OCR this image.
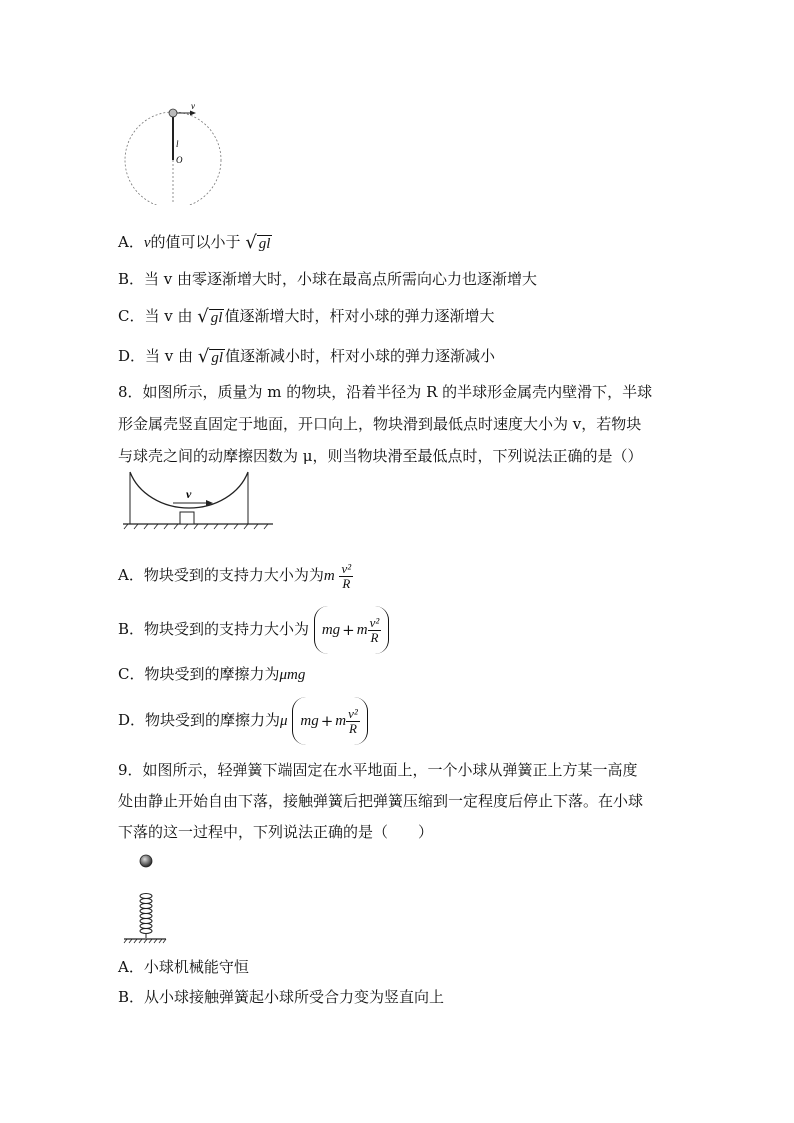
v
l
O
A．v的值可以小于 √ gl
B．当 v 由零逐渐增大时，小球在最高点所需向心力也逐渐增大
C．当 v 由 √ gl 值逐渐增大时，杆对小球的弹力逐渐增大
D．当 v 由 √ gl 值逐渐减小时，杆对小球的弹力逐渐减小
8．如图所示，质量为 m 的物块，沿着半径为 R 的半球形金属壳内壁滑下，半球
形金属壳竖直固定于地面，开口向上，物块滑到最低点时速度大小为 v，若物块
与球壳之间的动摩擦因数为 μ，则当物块滑至最低点时，下列说法正确的是（）
v
A．物块受到的支持力大小为为m $\frac{\text{v²}}{R}$
B．物块受到的支持力大小为 mg + m $\frac{\text{v²}}{R}$
C．物块受到的摩擦力为μmg
D．物块受到的摩擦力为μ mg + m $\frac{\text{v²}}{R}$
9．如图所示，轻弹簧下端固定在水平地面上，一个小球从弹簧正上方某一高度
处由静止开始自由下落，接触弹簧后把弹簧压缩到一定程度后停止下落。在小球
下落的这一过程中，下列说法正确的是（　　）
A．小球机械能守恒
B．从小球接触弹簧起小球所受合力变为竖直向上
